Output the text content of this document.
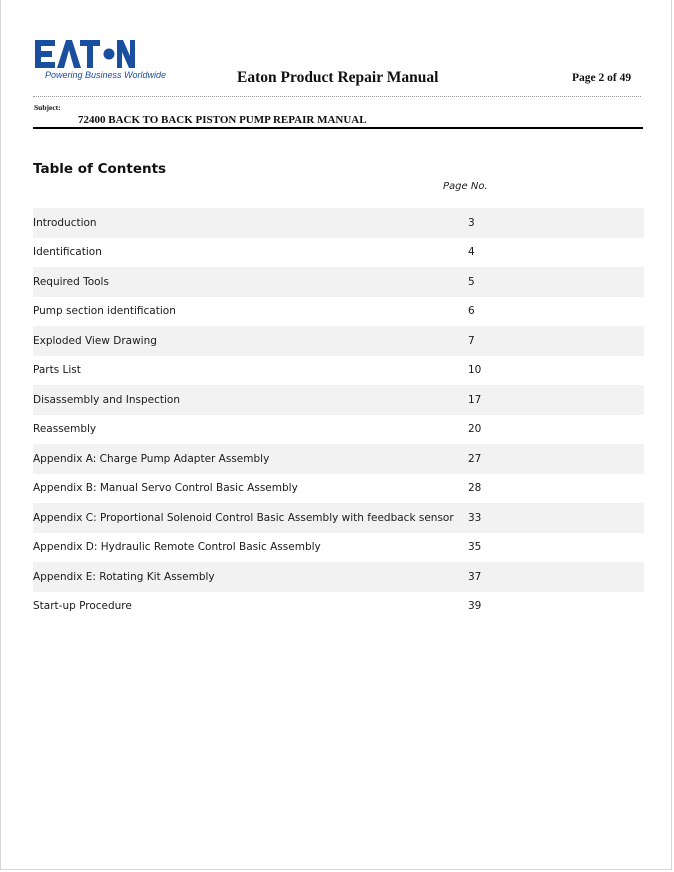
Powering Business Worldwide	Eaton Product Repair Manual	Page 2 of 49
Subject:
72400 BACK TO BACK PISTON PUMP REPAIR MANUAL
Table of Contents
Page No.
Introduction	3
Identification	4
Required Tools	5
Pump section identification	6
Exploded View Drawing	7
Parts List	10
Disassembly and Inspection	17
Reassembly	20
Appendix A: Charge Pump Adapter Assembly	27
Appendix B: Manual Servo Control Basic Assembly	28
Appendix C: Proportional Solenoid Control Basic Assembly with feedback sensor 33
Appendix D: Hydraulic Remote Control Basic Assembly	35
Appendix E: Rotating Kit Assembly	37
Start-up Procedure	39
